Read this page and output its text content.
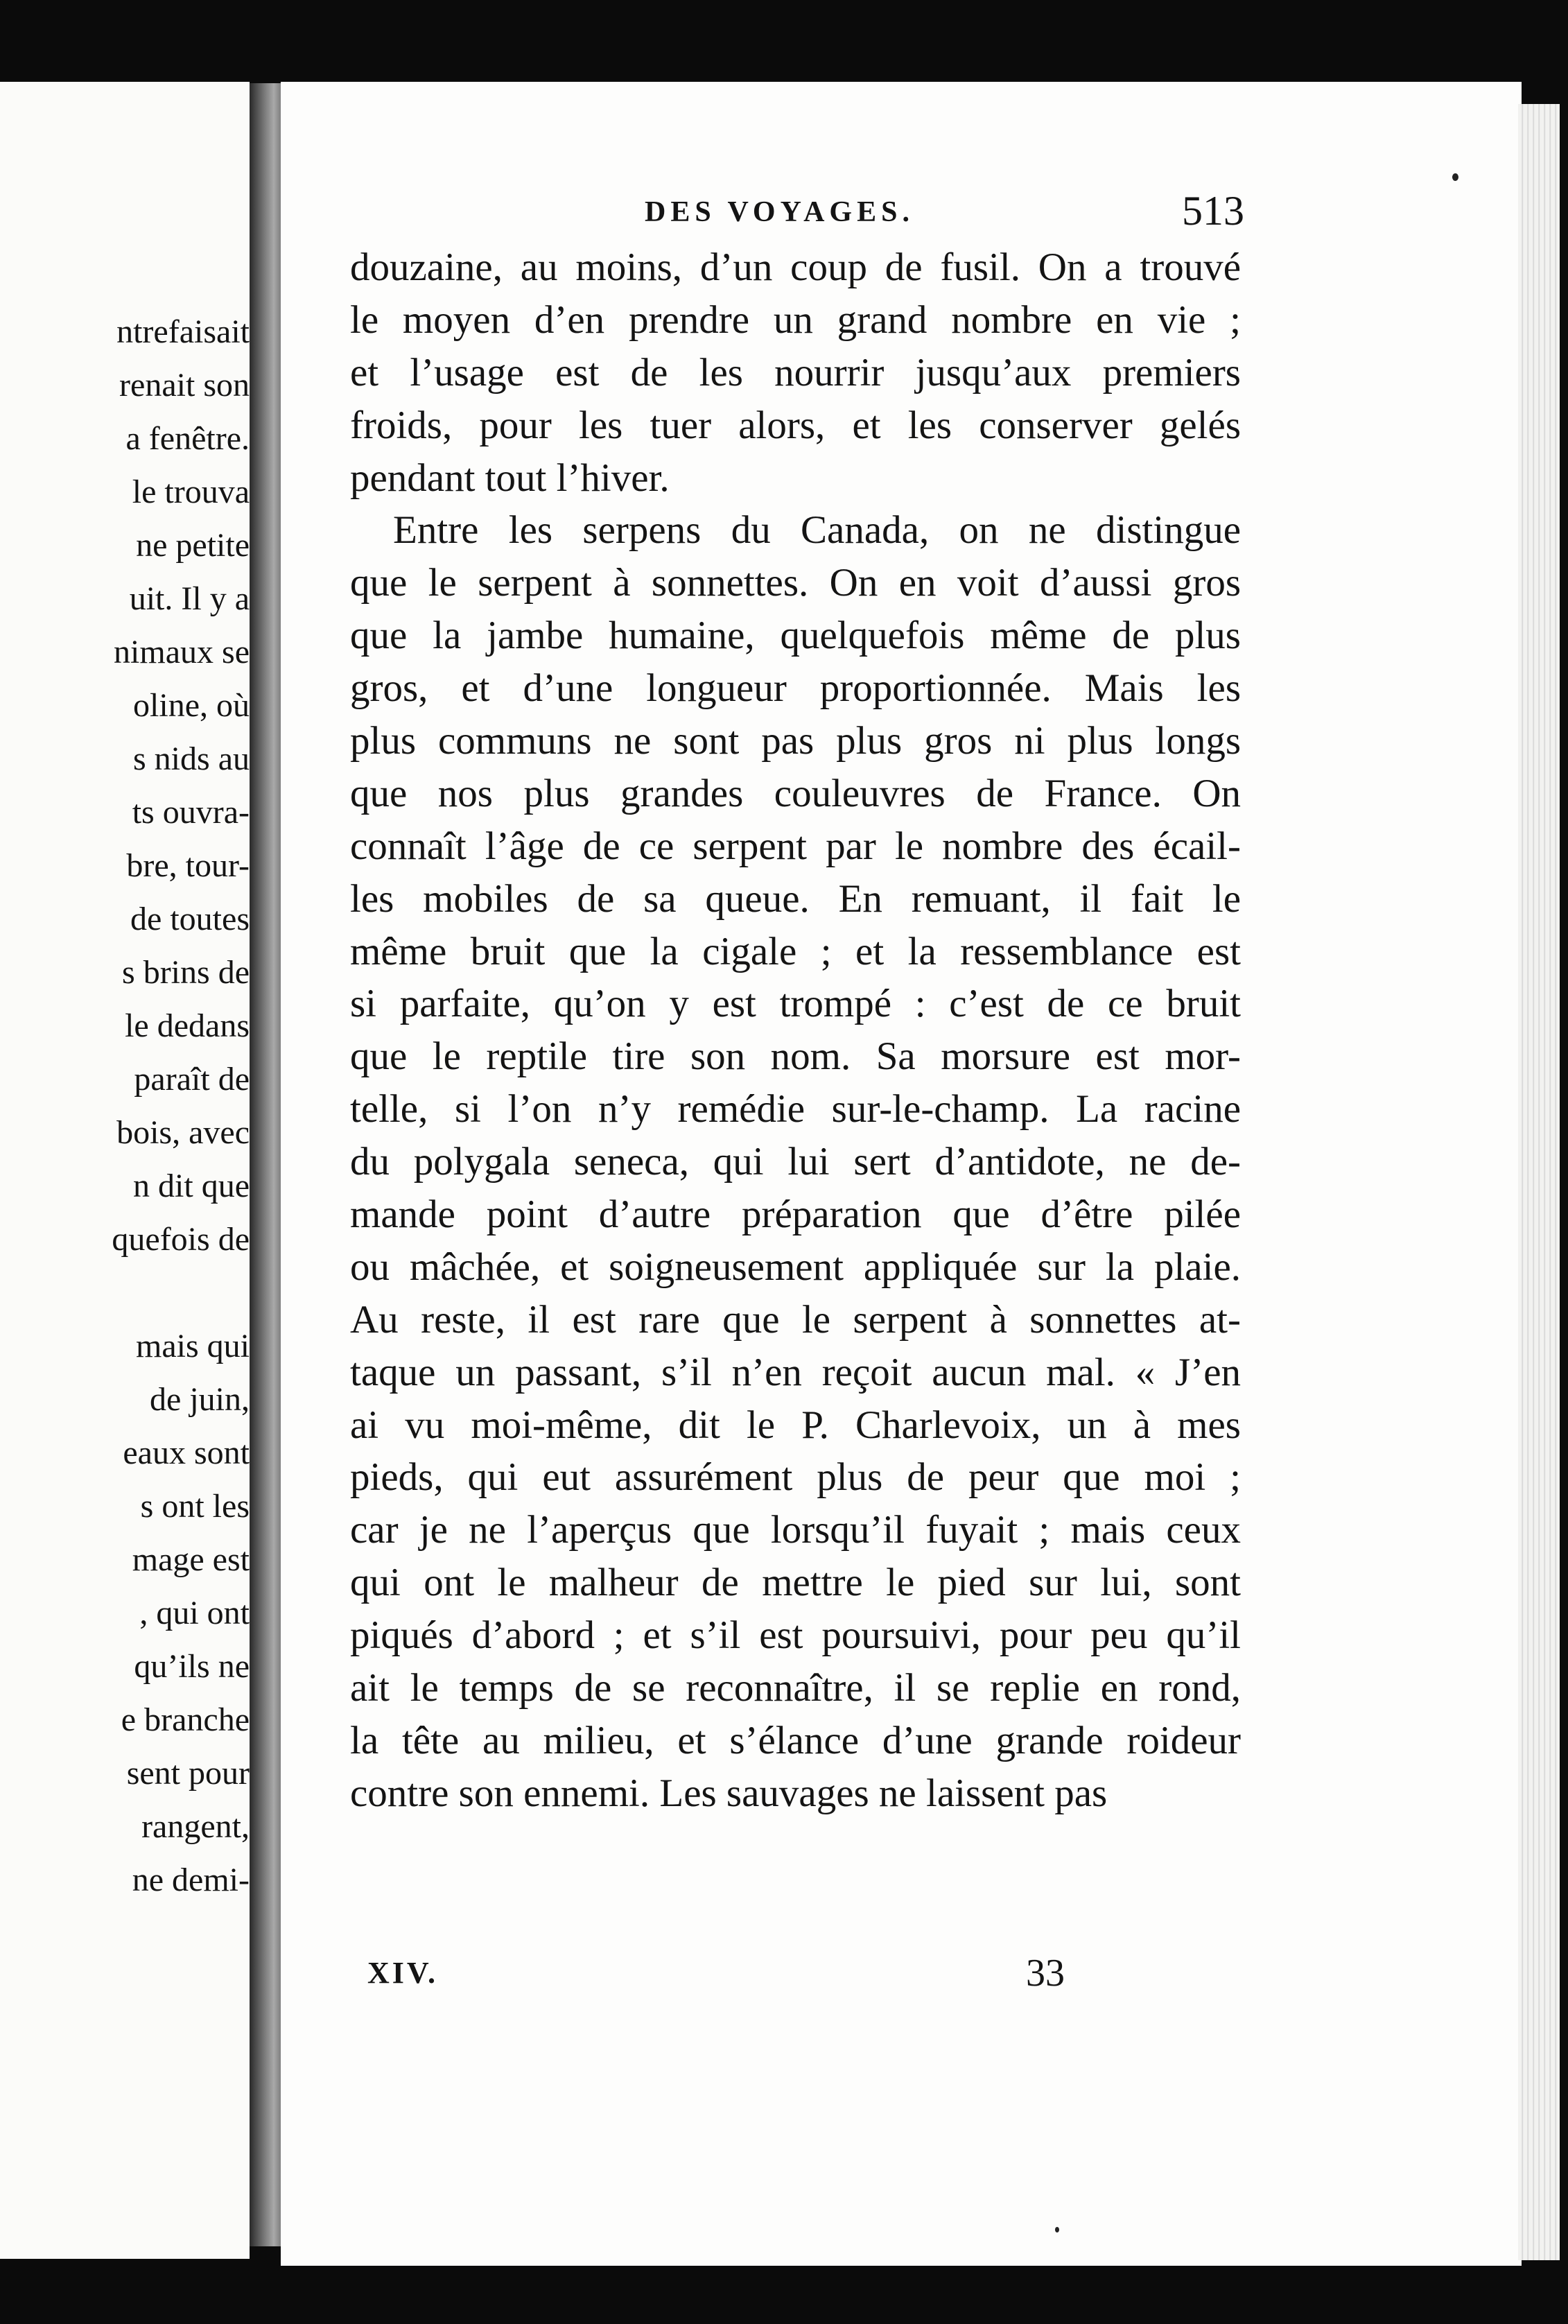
ntrefaisait
renait son
a fenêtre.
le trouva
ne petite
uit. Il y a
nimaux se
oline, où
s nids au
ts ouvra-
bre, tour-
de toutes
s brins de
le dedans
paraît de
bois, avec
n dit que
quefois de
mais qui
de juin,
eaux sont
s ont les
mage est
, qui ont
qu’ils ne
e branche
sent pour
rangent,
ne demi-
DES VOYAGES.	513
douzaine, au moins, d’un coup de fusil. On a trouvé
le moyen d’en prendre un grand nombre en vie ;
et l’usage est de les nourrir jusqu’aux premiers
froids, pour les tuer alors, et les conserver gelés
pendant tout l’hiver.
Entre les serpens du Canada, on ne distingue
que le serpent à sonnettes. On en voit d’aussi gros
que la jambe humaine, quelquefois même de plus
gros, et d’une longueur proportionnée. Mais les
plus communs ne sont pas plus gros ni plus longs
que nos plus grandes couleuvres de France. On
connaît l’âge de ce serpent par le nombre des écail-
les mobiles de sa queue. En remuant, il fait le
même bruit que la cigale ; et la ressemblance est
si parfaite, qu’on y est trompé : c’est de ce bruit
que le reptile tire son nom. Sa morsure est mor-
telle, si l’on n’y remédie sur-le-champ. La racine
du polygala seneca, qui lui sert d’antidote, ne de-
mande point d’autre préparation que d’être pilée
ou mâchée, et soigneusement appliquée sur la plaie.
Au reste, il est rare que le serpent à sonnettes at-
taque un passant, s’il n’en reçoit aucun mal. « J’en
ai vu moi-même, dit le P. Charlevoix, un à mes
pieds, qui eut assurément plus de peur que moi ;
car je ne l’aperçus que lorsqu’il fuyait ; mais ceux
qui ont le malheur de mettre le pied sur lui, sont
piqués d’abord ; et s’il est poursuivi, pour peu qu’il
ait le temps de se reconnaître, il se replie en rond,
la tête au milieu, et s’élance d’une grande roideur
contre son ennemi. Les sauvages ne laissent pas
XIV.	33
